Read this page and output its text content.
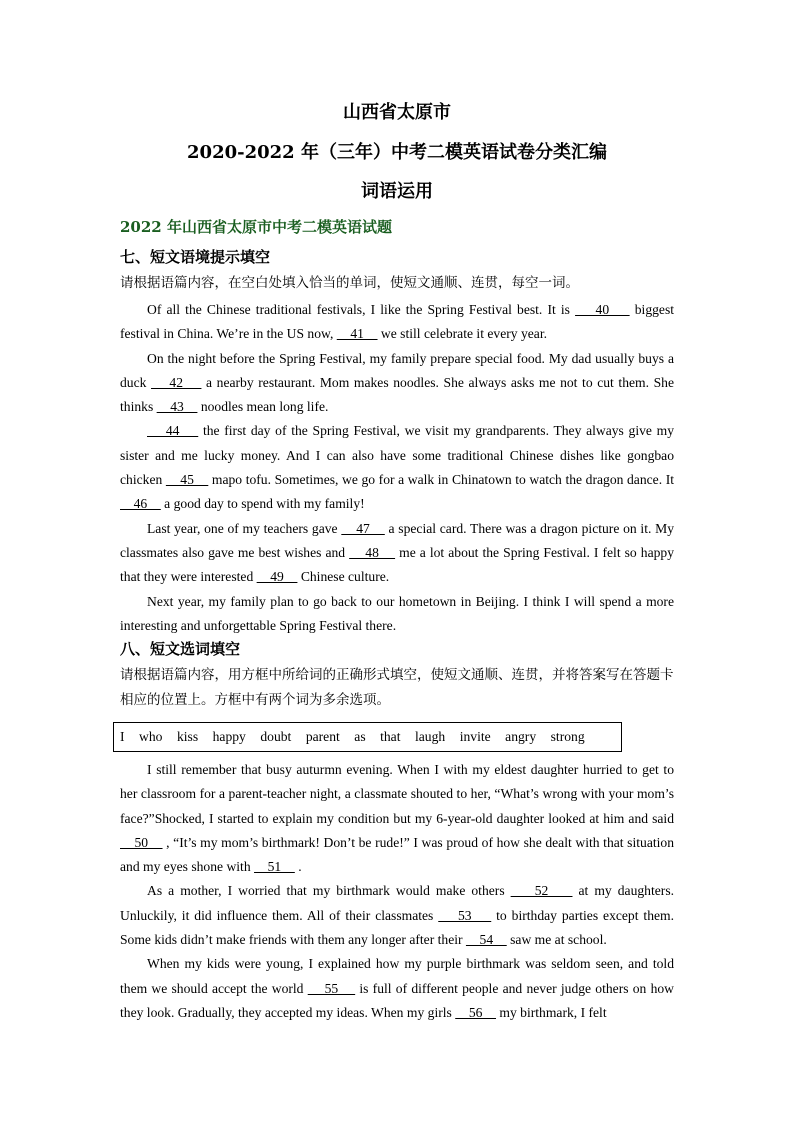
山西省太原市
2020-2022 年（三年）中考二模英语试卷分类汇编
词语运用
2022 年山西省太原市中考二模英语试题
七、短文语境提示填空
请根据语篇内容，在空白处填入恰当的单词，使短文通顺、连贯，每空一词。

Of all the Chinese traditional festivals, I like the Spring Festival best. It is     40     biggest festival in China. We’re in the US now,     41     we still celebrate it every year.

On the night before the Spring Festival, my family prepare special food. My dad usually buys a duck     42     a nearby restaurant. Mom makes noodles. She always asks me not to cut them. She thinks     43     noodles mean long life.

44     the first day of the Spring Festival, we visit my grandparents. They always give my sister and me lucky money. And I can also have some traditional Chinese dishes like gongbao chicken     45     mapo tofu. Sometimes, we go for a walk in Chinatown to watch the dragon dance. It     46     a good day to spend with my family!

Last year, one of my teachers gave     47     a special card. There was a dragon picture on it. My classmates also gave me best wishes and     48     me a lot about the Spring Festival. I felt so happy that they were interested     49     Chinese culture.

Next year, my family plan to go back to our hometown in Beijing. I think I will spend a more interesting and unforgettable Spring Festival there.

八、短文选词填空
请根据语篇内容，用方框中所给词的正确形式填空，使短文通顺、连贯，并将答案写在答题卡相应的位置上。方框中有两个词为多余选项。
I who kiss happy doubt parent as that laugh invite angry strong

I still remember that busy auturmn evening. When I with my eldest daughter hurried to get to her classroom for a parent-teacher night, a classmate shouted to her, “What’s wrong with your mom’s face?”Shocked, I started to explain my condition but my 6-year-old daughter looked at him and said     50     , “It’s my mom’s birthmark! Don’t be rude!” I was proud of how she dealt with that situation and my eyes shone with     51     .

As a mother, I worried that my birthmark would make others     52     at my daughters. Unluckily, it did influence them. All of their classmates     53     to birthday parties except them. Some kids didn’t make friends with them any longer after their     54     saw me at school.

When my kids were young, I explained how my purple birthmark was seldom seen, and told them we should accept the world     55     is full of different people and never judge others on how they look. Gradually, they accepted my ideas. When my girls     56     my birthmark, I felt
